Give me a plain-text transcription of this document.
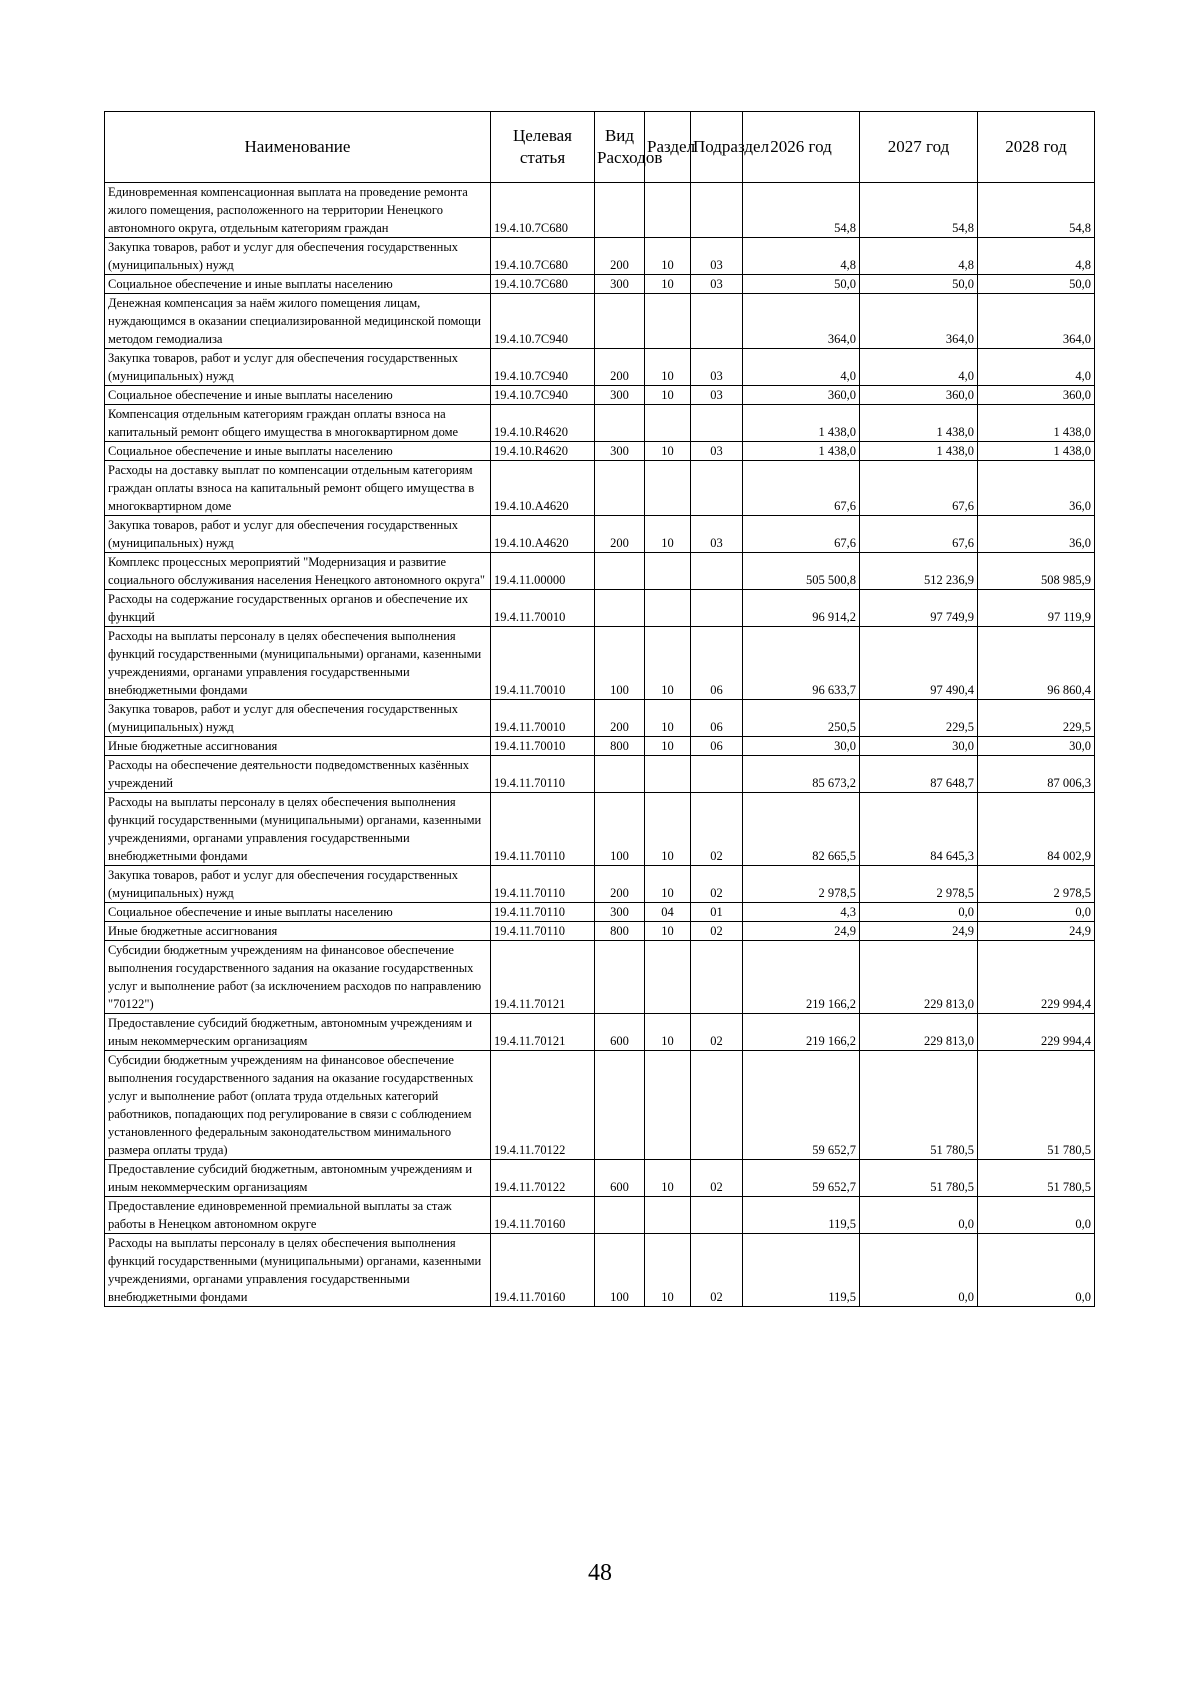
Наименование	Целевая статья	Вид Расходов	Раздел	Подраздел	2026 год	2027 год	2028 год
Единовременная компенсационная выплата на проведение ремонта жилого помещения, расположенного на территории Ненецкого автономного округа, отдельным категориям граждан	19.4.10.7С680				54,8	54,8	54,8
Закупка товаров, работ и услуг для обеспечения государственных (муниципальных) нужд	19.4.10.7С680	200	10	03	4,8	4,8	4,8
Социальное обеспечение и иные выплаты населению	19.4.10.7С680	300	10	03	50,0	50,0	50,0
Денежная компенсация за наём жилого помещения лицам, нуждающимся в оказании специализированной медицинской помощи методом гемодиализа	19.4.10.7С940				364,0	364,0	364,0
Закупка товаров, работ и услуг для обеспечения государственных (муниципальных) нужд	19.4.10.7С940	200	10	03	4,0	4,0	4,0
Социальное обеспечение и иные выплаты населению	19.4.10.7С940	300	10	03	360,0	360,0	360,0
Компенсация отдельным категориям граждан оплаты взноса на капитальный ремонт общего имущества в многоквартирном доме	19.4.10.R4620				1 438,0	1 438,0	1 438,0
Социальное обеспечение и иные выплаты населению	19.4.10.R4620	300	10	03	1 438,0	1 438,0	1 438,0
Расходы на доставку выплат по компенсации отдельным категориям граждан оплаты взноса на капитальный ремонт общего имущества в многоквартирном доме	19.4.10.А4620				67,6	67,6	36,0
Закупка товаров, работ и услуг для обеспечения государственных (муниципальных) нужд	19.4.10.А4620	200	10	03	67,6	67,6	36,0
Комплекс процессных мероприятий "Модернизация и развитие социального обслуживания населения Ненецкого автономного округа"	19.4.11.00000				505 500,8	512 236,9	508 985,9
Расходы на содержание государственных органов и обеспечение их функций	19.4.11.70010				96 914,2	97 749,9	97 119,9
Расходы на выплаты персоналу в целях обеспечения выполнения функций государственными (муниципальными) органами, казенными учреждениями, органами управления государственными внебюджетными фондами	19.4.11.70010	100	10	06	96 633,7	97 490,4	96 860,4
Закупка товаров, работ и услуг для обеспечения государственных (муниципальных) нужд	19.4.11.70010	200	10	06	250,5	229,5	229,5
Иные бюджетные ассигнования	19.4.11.70010	800	10	06	30,0	30,0	30,0
Расходы на обеспечение деятельности подведомственных казённых учреждений	19.4.11.70110				85 673,2	87 648,7	87 006,3
Расходы на выплаты персоналу в целях обеспечения выполнения функций государственными (муниципальными) органами, казенными учреждениями, органами управления государственными внебюджетными фондами	19.4.11.70110	100	10	02	82 665,5	84 645,3	84 002,9
Закупка товаров, работ и услуг для обеспечения государственных (муниципальных) нужд	19.4.11.70110	200	10	02	2 978,5	2 978,5	2 978,5
Социальное обеспечение и иные выплаты населению	19.4.11.70110	300	04	01	4,3	0,0	0,0
Иные бюджетные ассигнования	19.4.11.70110	800	10	02	24,9	24,9	24,9
Субсидии бюджетным учреждениям на финансовое обеспечение выполнения государственного задания на оказание государственных услуг и выполнение работ (за исключением расходов по направлению "70122")	19.4.11.70121				219 166,2	229 813,0	229 994,4
Предоставление субсидий бюджетным, автономным учреждениям и иным некоммерческим организациям	19.4.11.70121	600	10	02	219 166,2	229 813,0	229 994,4
Субсидии бюджетным учреждениям на финансовое обеспечение выполнения государственного задания на оказание государственных услуг и выполнение работ (оплата труда отдельных категорий работников, попадающих под регулирование в связи с соблюдением установленного федеральным законодательством минимального размера оплаты труда)	19.4.11.70122				59 652,7	51 780,5	51 780,5
Предоставление субсидий бюджетным, автономным учреждениям и иным некоммерческим организациям	19.4.11.70122	600	10	02	59 652,7	51 780,5	51 780,5
Предоставление единовременной премиальной выплаты за стаж работы в Ненецком автономном округе	19.4.11.70160				119,5	0,0	0,0
Расходы на выплаты персоналу в целях обеспечения выполнения функций государственными (муниципальными) органами, казенными учреждениями, органами управления государственными внебюджетными фондами	19.4.11.70160	100	10	02	119,5	0,0	0,0
48
